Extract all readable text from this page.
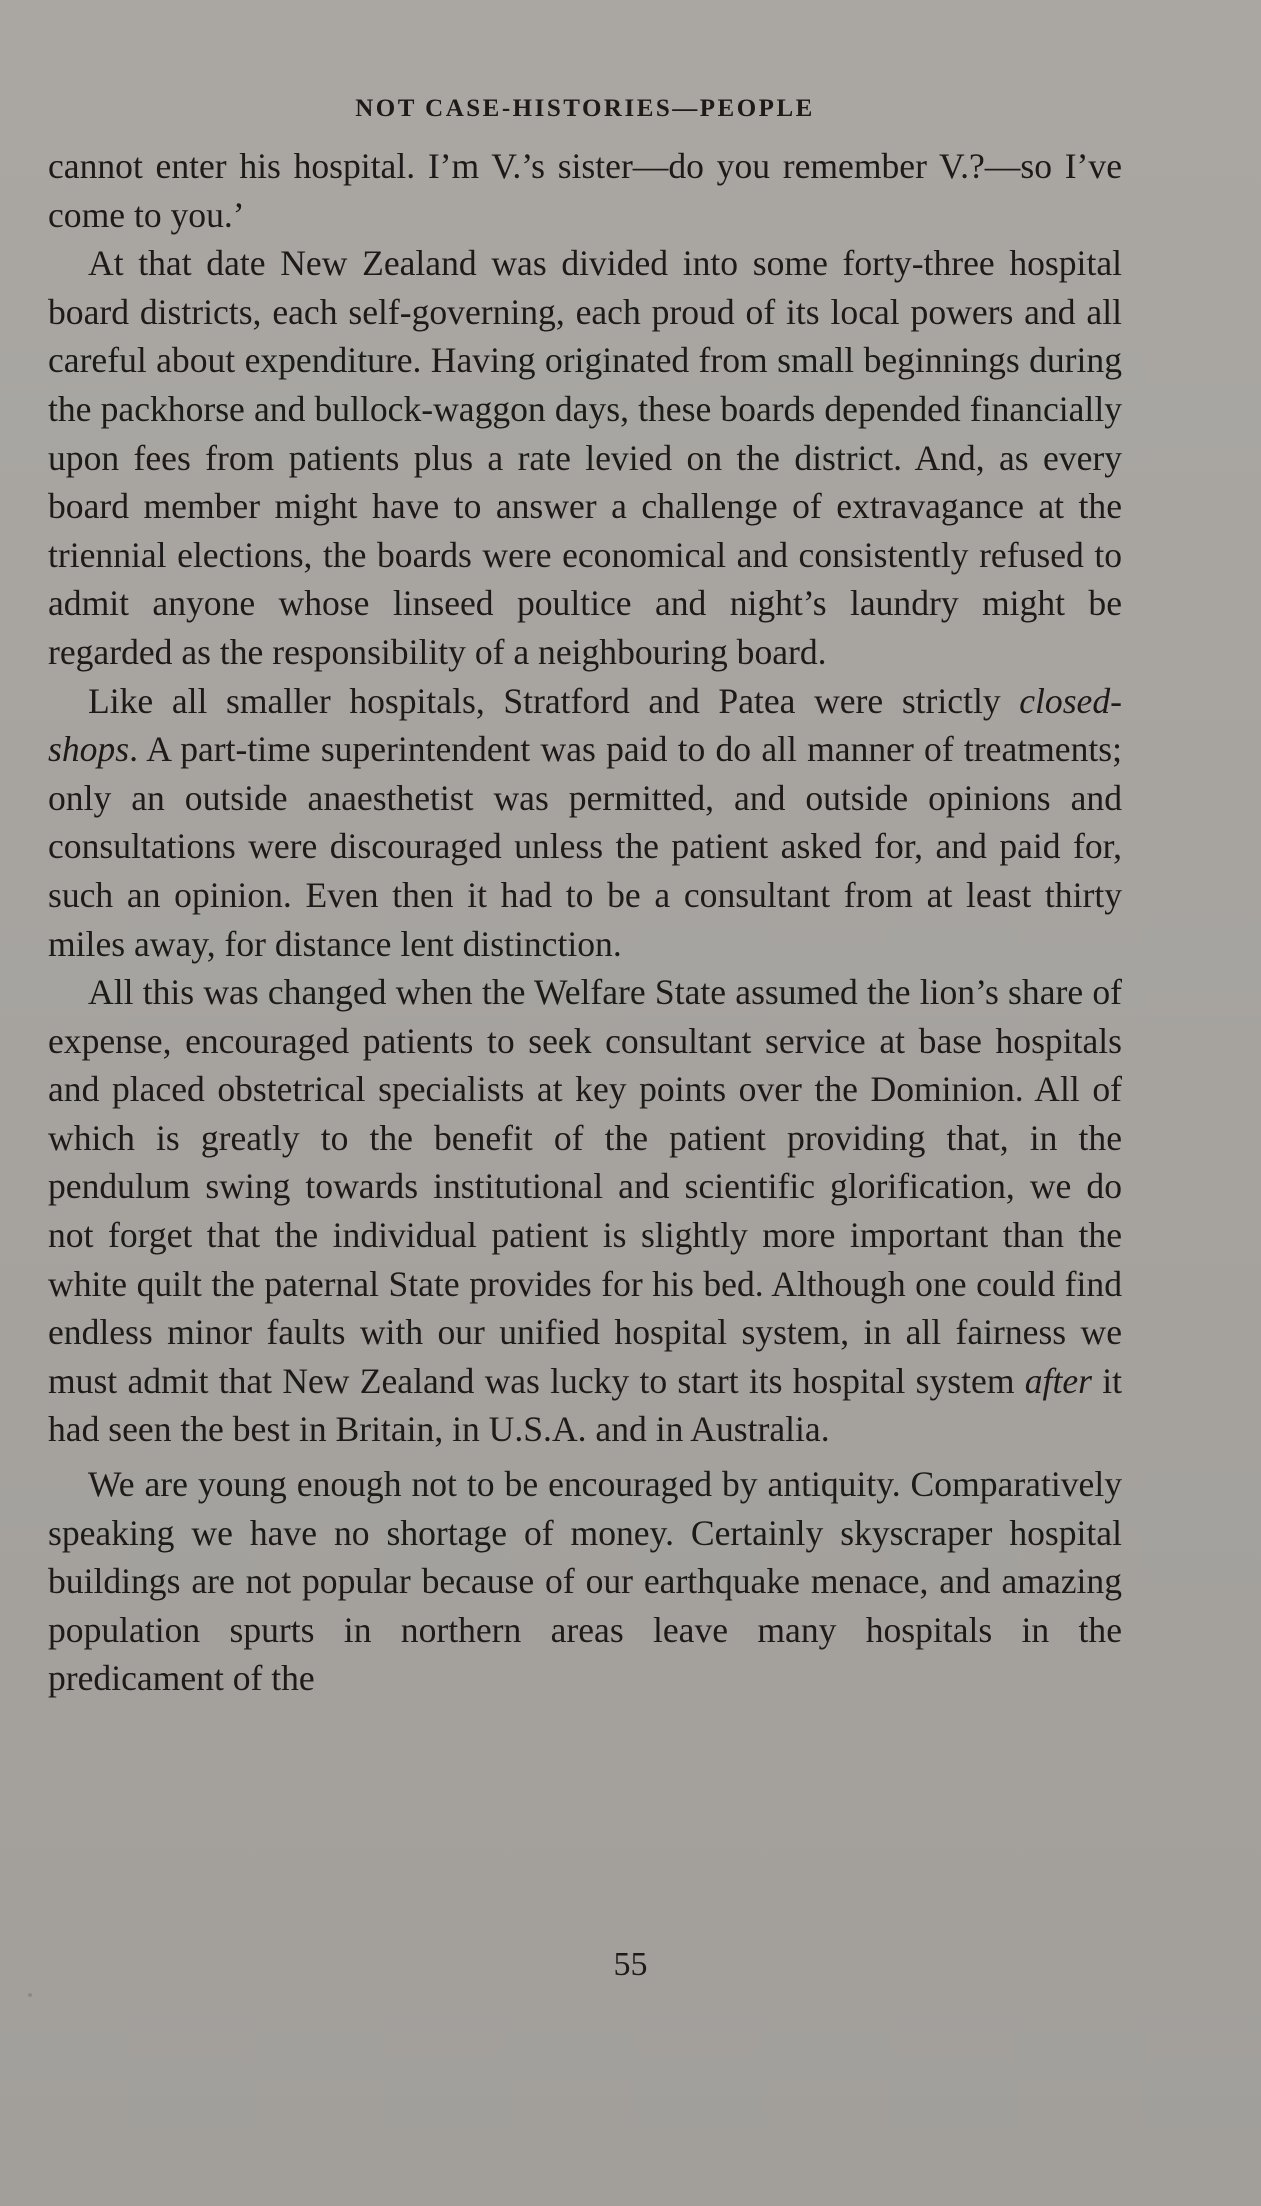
NOT CASE-HISTORIES—PEOPLE

cannot enter his hospital. I’m V.’s sister—do you remember V.?—so I’ve come to you.’

At that date New Zealand was divided into some forty-three hospital board districts, each self-governing, each proud of its local powers and all careful about expenditure. Having originated from small beginnings during the packhorse and bullock-waggon days, these boards depended financially upon fees from patients plus a rate levied on the district. And, as every board member might have to answer a challenge of extravagance at the triennial elections, the boards were economical and consistently refused to admit anyone whose linseed poultice and night’s laundry might be regarded as the responsibility of a neighbouring board.

Like all smaller hospitals, Stratford and Patea were strictly closed-shops. A part-time superintendent was paid to do all manner of treatments; only an outside anaesthetist was permitted, and outside opinions and consultations were discouraged unless the patient asked for, and paid for, such an opinion. Even then it had to be a consultant from at least thirty miles away, for distance lent distinction.

All this was changed when the Welfare State assumed the lion’s share of expense, encouraged patients to seek consultant service at base hospitals and placed obstetrical specialists at key points over the Dominion. All of which is greatly to the benefit of the patient providing that, in the pendulum swing towards institutional and scientific glorification, we do not forget that the individual patient is slightly more important than the white quilt the paternal State provides for his bed. Although one could find endless minor faults with our unified hospital system, in all fairness we must admit that New Zealand was lucky to start its hospital system after it had seen the best in Britain, in U.S.A. and in Australia.

We are young enough not to be encouraged by antiquity. Comparatively speaking we have no shortage of money. Certainly skyscraper hospital buildings are not popular because of our earthquake menace, and amazing population spurts in northern areas leave many hospitals in the predicament of the

55
